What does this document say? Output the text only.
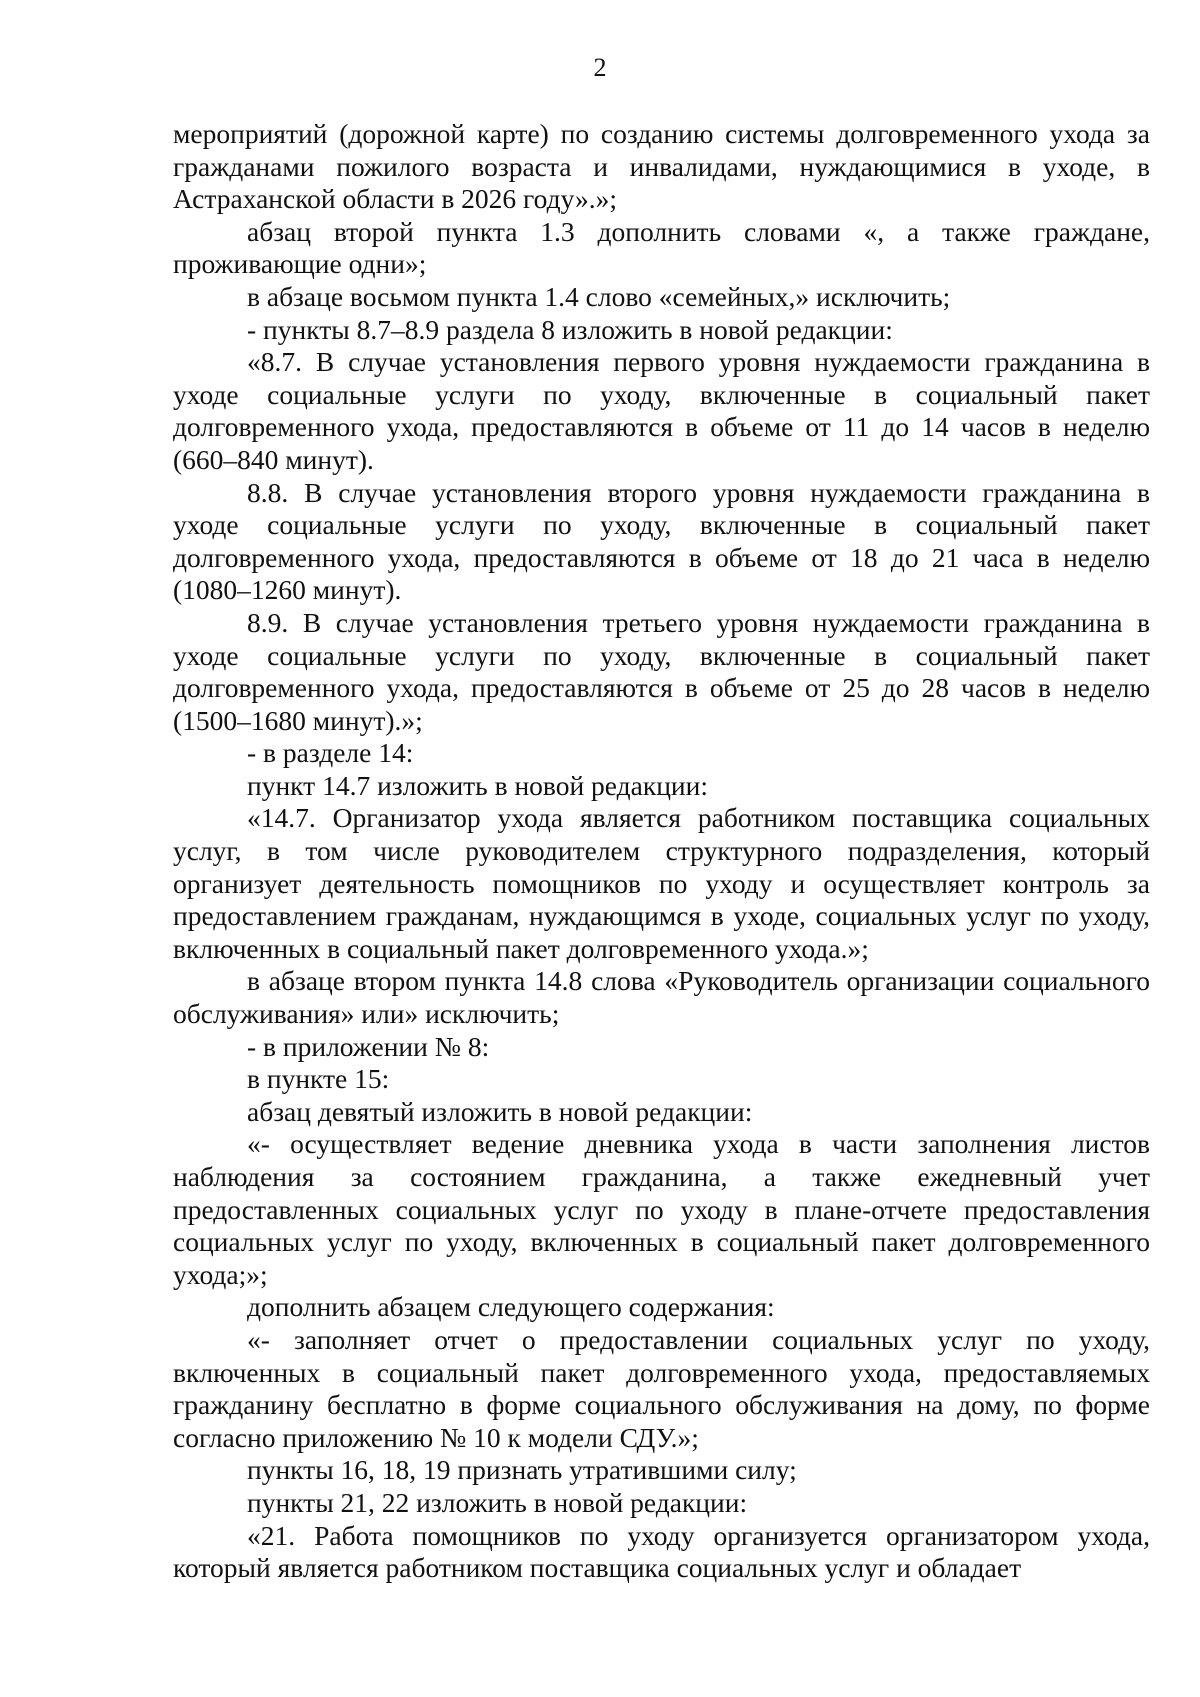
2

мероприятий (дорожной карте) по созданию системы долговременного ухода за гражданами пожилого возраста и инвалидами, нуждающимися в уходе, в Астраханской области в 2026 году».»;

абзац второй пункта 1.3 дополнить словами «, а также граждане, проживающие одни»;

в абзаце восьмом пункта 1.4 слово «семейных,» исключить;

- пункты 8.7–8.9 раздела 8 изложить в новой редакции:

«8.7. В случае установления первого уровня нуждаемости гражданина в уходе социальные услуги по уходу, включенные в социальный пакет долговременного ухода, предоставляются в объеме от 11 до 14 часов в неделю (660–840 минут).

8.8. В случае установления второго уровня нуждаемости гражданина в уходе социальные услуги по уходу, включенные в социальный пакет долговременного ухода, предоставляются в объеме от 18 до 21 часа в неделю (1080–1260 минут).

8.9. В случае установления третьего уровня нуждаемости гражданина в уходе социальные услуги по уходу, включенные в социальный пакет долговременного ухода, предоставляются в объеме от 25 до 28 часов в неделю (1500–1680 минут).»;

- в разделе 14:

пункт 14.7 изложить в новой редакции:

«14.7. Организатор ухода является работником поставщика социальных услуг, в том числе руководителем структурного подразделения, который организует деятельность помощников по уходу и осуществляет контроль за предоставлением гражданам, нуждающимся в уходе, социальных услуг по уходу, включенных в социальный пакет долговременного ухода.»;

в абзаце втором пункта 14.8 слова «Руководитель организации социального обслуживания» или» исключить;

- в приложении № 8:

в пункте 15:

абзац девятый изложить в новой редакции:

«- осуществляет ведение дневника ухода в части заполнения листов наблюдения за состоянием гражданина, а также ежедневный учет предоставленных социальных услуг по уходу в плане-отчете предоставления социальных услуг по уходу, включенных в социальный пакет долговременного ухода;»;

дополнить абзацем следующего содержания:

«- заполняет отчет о предоставлении социальных услуг по уходу, включенных в социальный пакет долговременного ухода, предоставляемых гражданину бесплатно в форме социального обслуживания на дому, по форме согласно приложению № 10 к модели СДУ.»;

пункты 16, 18, 19 признать утратившими силу;

пункты 21, 22 изложить в новой редакции:

«21. Работа помощников по уходу организуется организатором ухода, который является работником поставщика социальных услуг и обладает
